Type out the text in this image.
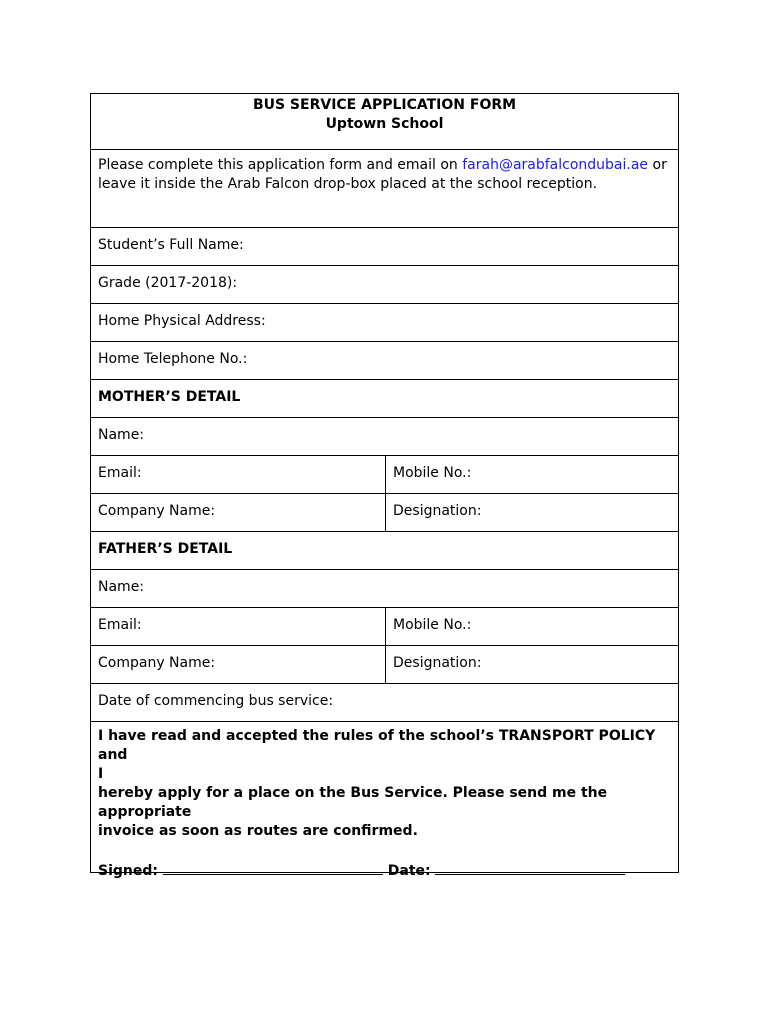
BUS SERVICE APPLICATION FORM
Uptown School
Please complete this application form and email on farah@arabfalcondubai.ae or
leave it inside the Arab Falcon drop-box placed at the school reception.
Student’s Full Name:
Grade (2017-2018):
Home Physical Address:
Home Telephone No.:
MOTHER’S DETAIL
Name:
Email:	Mobile No.:
Company Name:	Designation:
FATHER’S DETAIL
Name:
Email:	Mobile No.:
Company Name:	Designation:
Date of commencing bus service:
I have read and accepted the rules of the school’s TRANSPORT POLICY and
I
hereby apply for a place on the Bus Service. Please send me the
appropriate
invoice as soon as routes are confirmed.
Signed:	Date:
